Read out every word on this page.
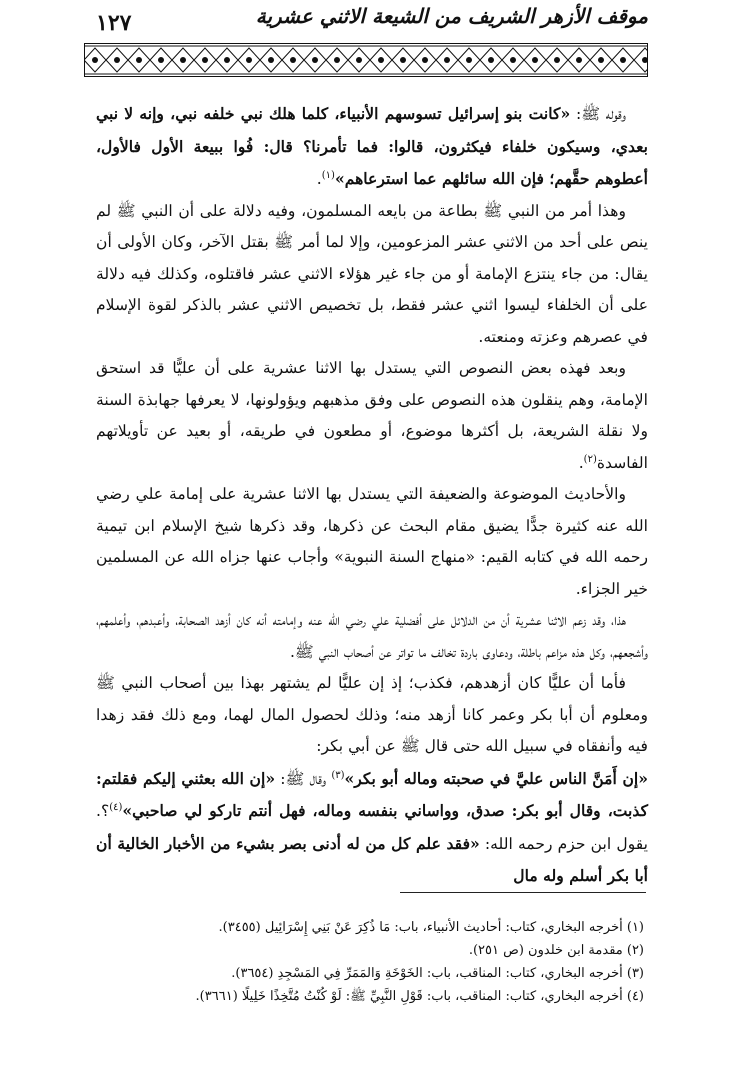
موقف الأزهر الشريف من الشيعة الاثني عشرية
١٢٧

وقوله ﷺ: «كانت بنو إسرائيل تسوسهم الأنبياء، كلما هلك نبي خلفه نبي، وإنه لا نبي بعدي، وسيكون خلفاء فيكثرون، قالوا: فما تأمرنا؟ قال: فُوا ببيعة الأول فالأول، أعطوهم حقَّهم؛ فإن الله سائلهم عما استرعاهم»$^{(١)}$.

وهذا أمر من النبي ﷺ بطاعة من بايعه المسلمون، وفيه دلالة على أن النبي ﷺ لم ينص على أحد من الاثني عشر المزعومين، وإلا لما أمر ﷺ بقتل الآخر، وكان الأولى أن يقال: من جاء ينتزع الإمامة أو من جاء غير هؤلاء الاثني عشر فاقتلوه، وكذلك فيه دلالة على أن الخلفاء ليسوا اثني عشر فقط، بل تخصيص الاثني عشر بالذكر لقوة الإسلام في عصرهم وعزته ومنعته.

وبعد فهذه بعض النصوص التي يستدل بها الاثنا عشرية على أن عليًّا قد استحق الإمامة، وهم ينقلون هذه النصوص على وفق مذهبهم ويؤولونها، لا يعرفها جهابذة السنة ولا نقلة الشريعة، بل أكثرها موضوع، أو مطعون في طريقه، أو بعيد عن تأويلاتهم الفاسدة$^{(٢)}$.

والأحاديث الموضوعة والضعيفة التي يستدل بها الاثنا عشرية على إمامة علي رضي الله عنه كثيرة جدًّا يضيق مقام البحث عن ذكرها، وقد ذكرها شيخ الإسلام ابن تيمية رحمه الله في كتابه القيم: «منهاج السنة النبوية» وأجاب عنها جزاه الله عن المسلمين خير الجزاء.

هذا، وقد زعم الاثنا عشرية أن من الدلائل على أفضلية علي رضي الله عنه وإمامته أنه كان أزهد الصحابة، وأعبدهم، وأعلمهم، وأشجعهم، وكل هذه مزاعم باطلة، ودعاوى باردة تخالف ما تواتر عن أصحاب النبي ﷺ.

فأما أن عليًّا كان أزهدهم، فكذب؛ إذ إن عليًّا لم يشتهر بهذا بين أصحاب النبي ﷺ ومعلوم أن أبا بكر وعمر كانا أزهد منه؛ وذلك لحصول المال لهما، ومع ذلك فقد زهدا فيه وأنفقاه في سبيل الله حتى قال ﷺ عن أبي بكر:

«إن أَمَنَّ الناس عليَّ في صحبته وماله أبو بكر»$^{(٣)}$ وقال ﷺ: «إن الله بعثني إليكم فقلتم: كذبت، وقال أبو بكر: صدق، وواساني بنفسه وماله، فهل أنتم تاركو لي صاحبي»$^{(٤)}$؟. يقول ابن حزم رحمه الله: «فقد علم كل من له أدنى بصر بشيء من الأخبار الخالية أن أبا بكر أسلم وله مال

(١) أخرجه البخاري، كتاب: أحاديث الأنبياء، باب: مَا ذُكِرَ عَنْ بَنِي إِسْرَائِيل (٣٤٥٥).
(٢) مقدمة ابن خلدون (ص ٢٥١).
(٣) أخرجه البخاري، كتاب: المناقب، باب: الخَوْخَةِ وَالمَمَرِّ فِي المَسْجِدِ (٣٦٥٤).
(٤) أخرجه البخاري، كتاب: المناقب، باب: قَوْلِ النَّبِيِّ ﷺ: لَوْ كُنْتُ مُتَّخِذًا خَلِيلًا (٣٦٦١).
